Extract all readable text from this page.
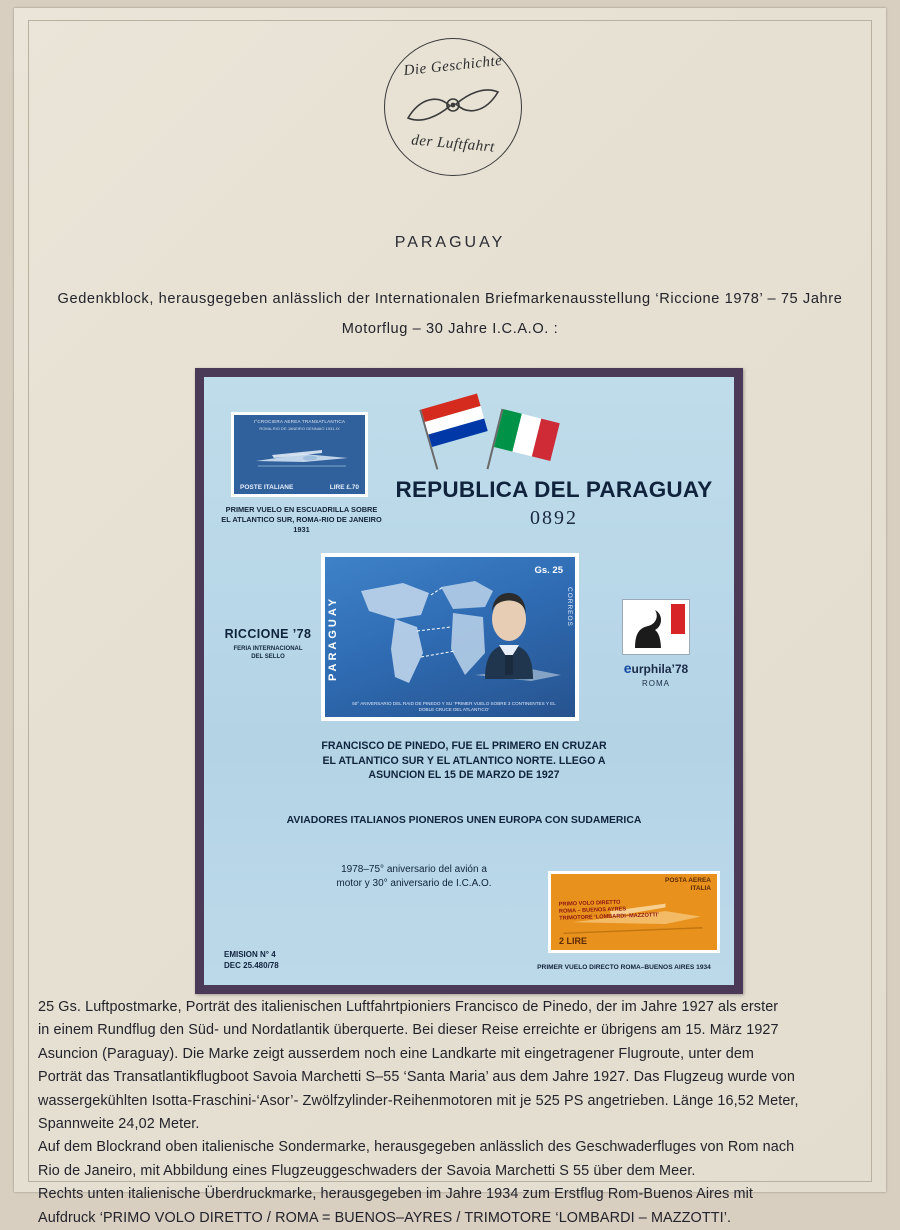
Die Geschichte
der Luftfahrt
PARAGUAY
Gedenkblock, herausgegeben anlässlich der Internationalen Briefmarkenausstellung ‘Riccione 1978’ – 75 Jahre
Motorflug – 30 Jahre I.C.A.O. :
I°CROCIERA AEREA TRANSATLANTICA
ROMA-RIO DE JANEIRO GENNAIO 1931-IX
POSTE ITALIANE	LIRE £.70
PRIMER VUELO EN ESCUADRILLA SOBRE
EL ATLANTICO SUR, ROMA-RIO DE JANEIRO 1931
REPUBLICA DEL PARAGUAY
0892
PARAGUAY	CORREOS
Gs. 25
50° ANIVERSARIO DEL RAID DE PINEDO Y SU ‘PRIMER VUELO SOBRE 3 CONTINENTES Y EL DOBLE CRUCE DEL ATLANTICO’
RICCIONE ’78
FERIA INTERNACIONAL
DEL SELLO
eurphila’78
ROMA
FRANCISCO DE PINEDO, FUE EL PRIMERO EN CRUZAR
EL ATLANTICO SUR Y EL ATLANTICO NORTE. LLEGO A
ASUNCION EL 15 DE MARZO DE 1927
AVIADORES ITALIANOS PIONEROS UNEN EUROPA CON SUDAMERICA
1978–75° aniversario del avión a
motor y 30° aniversario de I.C.A.O.
EMISION N° 4
DEC 25.480/78
POSTA AEREA
ITALIA
PRIMO VOLO DIRETTO
ROMA – BUENOS AYRES
TRIMOTORE ‘LOMBARDI–MAZZOTTI’
2 LIRE
PRIMER VUELO DIRECTO ROMA–BUENOS AIRES 1934

25 Gs. Luftpostmarke, Porträt des italienischen Luftfahrtpioniers Francisco de Pinedo, der im Jahre 1927 als erster

in einem Rundflug den Süd- und Nordatlantik überquerte. Bei dieser Reise erreichte er übrigens am 15. März 1927

Asuncion (Paraguay). Die Marke zeigt ausserdem noch eine Landkarte mit eingetragener Flugroute, unter dem

Porträt das Transatlantikflugboot Savoia Marchetti S–55 ‘Santa Maria’ aus dem Jahre 1927. Das Flugzeug wurde von

wassergekühlten Isotta-Fraschini-‘Asor’- Zwölfzylinder-Reihenmotoren mit je 525 PS angetrieben. Länge 16,52 Meter,

Spannweite 24,02 Meter.

Auf dem Blockrand oben italienische Sondermarke, herausgegeben anlässlich des Geschwaderfluges von Rom nach

Rio de Janeiro, mit Abbildung eines Flugzeuggeschwaders der Savoia Marchetti S 55 über dem Meer.

Rechts unten italienische Überdruckmarke, herausgegeben im Jahre 1934 zum Erstflug Rom-Buenos Aires mit

Aufdruck ‘PRIMO VOLO DIRETTO / ROMA = BUENOS–AYRES / TRIMOTORE ‘LOMBARDI – MAZZOTTI’.
